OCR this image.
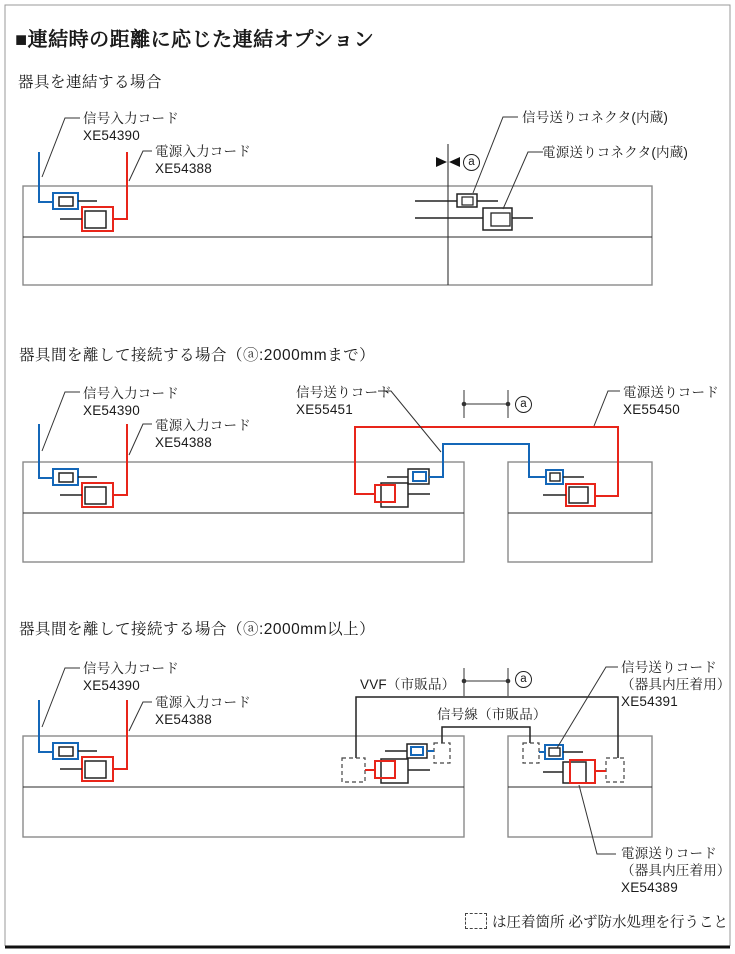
■連結時の距離に応じた連結オプション
器具を連結する場合
器具間を離して接続する場合（ⓐ:2000mmまで）
器具間を離して接続する場合（ⓐ:2000mm以上）
信号入力コード
XE54390
電源入力コード
XE54388
信号送りコネクタ(内蔵)
電源送りコネクタ(内蔵)
a
信号入力コード
XE54390
電源入力コード
XE54388
信号送りコード
XE55451
電源送りコード
XE55450
a
信号入力コード
XE54390
電源入力コード
XE54388
VVF（市販品）
信号線（市販品）
信号送りコード
（器具内圧着用）
XE54391
電源送りコード
（器具内圧着用）
XE54389
a
は圧着箇所 必ず防水処理を行うこと
